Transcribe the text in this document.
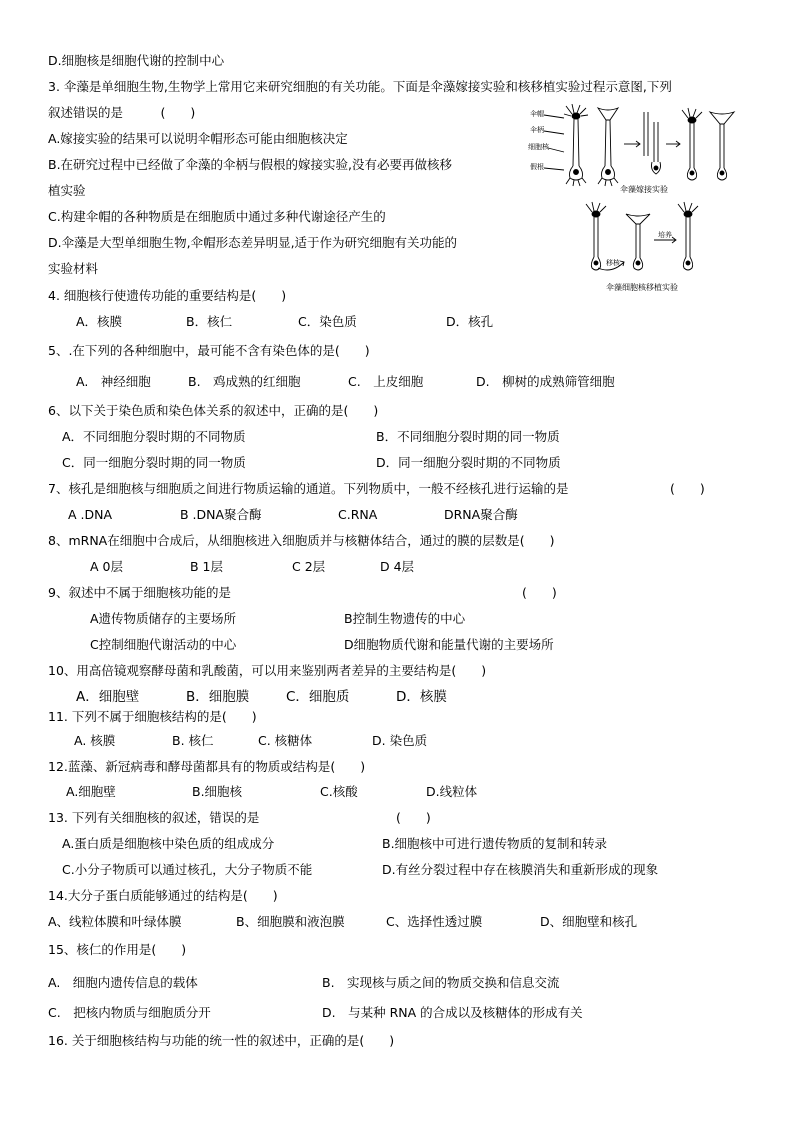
D.细胞核是细胞代谢的控制中心
3. 伞藻是单细胞生物,生物学上常用它来研究细胞的有关功能。下面是伞藻嫁接实验和核移植实验过程示意图,下列
叙述错误的是　　　(　　)
A.嫁接实验的结果可以说明伞帽形态可能由细胞核决定
B.在研究过程中已经做了伞藻的伞柄与假根的嫁接实验,没有必要再做核移
植实验
C.构建伞帽的各种物质是在细胞质中通过多种代谢途径产生的
D.伞藻是大型单细胞生物,伞帽形态差异明显,适于作为研究细胞有关功能的
实验材料
伞帽
伞柄
细胞核
假根
伞藻嫁接实验
培养
移核
伞藻细胞核移植实验
4. 细胞核行使遗传功能的重要结构是(　　)
A．核膜	B．核仁	C．染色质	D．核孔
5、.在下列的各种细胞中，最可能不含有染色体的是(　　)
A.　神经细胞	B.　鸡成熟的红细胞	C.　上皮细胞	D.　柳树的成熟筛管细胞
6、以下关于染色质和染色体关系的叙述中，正确的是(　　)
A．不同细胞分裂时期的不同物质	B．不同细胞分裂时期的同一物质
C．同一细胞分裂时期的同一物质	D．同一细胞分裂时期的不同物质
7、核孔是细胞核与细胞质之间进行物质运输的通道。下列物质中，一般不经核孔进行运输的是	(　　)
A .DNA	B .DNA聚合酶	C.RNA	DRNA聚合酶
8、mRNA在细胞中合成后，从细胞核进入细胞质并与核糖体结合，通过的膜的层数是(　　)
A 0层	B 1层	C 2层	D 4层
9、叙述中不属于细胞核功能的是	(　　)
A遗传物质储存的主要场所	B控制生物遗传的中心
C控制细胞代谢活动的中心	D细胞物质代谢和能量代谢的主要场所
10、用高倍镜观察酵母菌和乳酸菌，可以用来鉴别两者差异的主要结构是(　　)
A．细胞壁	B．细胞膜	C．细胞质	D．核膜
11. 下列不属于细胞核结构的是(　　)
A. 核膜	B. 核仁	C. 核糖体	D. 染色质
12.蓝藻、新冠病毒和酵母菌都具有的物质或结构是(　　)
A.细胞壁	B.细胞核	C.核酸	D.线粒体
13. 下列有关细胞核的叙述，错误的是	(　　)
A.蛋白质是细胞核中染色质的组成成分	B.细胞核中可进行遗传物质的复制和转录
C.小分子物质可以通过核孔，大分子物质不能	D.有丝分裂过程中存在核膜消失和重新形成的现象
14.大分子蛋白质能够通过的结构是(　　)
A、线粒体膜和叶绿体膜	B、细胞膜和液泡膜	C、选择性透过膜	D、细胞壁和核孔
15、核仁的作用是(　　)
A.　细胞内遗传信息的载体	B.　实现核与质之间的物质交换和信息交流
C.　把核内物质与细胞质分开	D.　与某种 RNA 的合成以及核糖体的形成有关
16. 关于细胞核结构与功能的统一性的叙述中，正确的是(　　)
